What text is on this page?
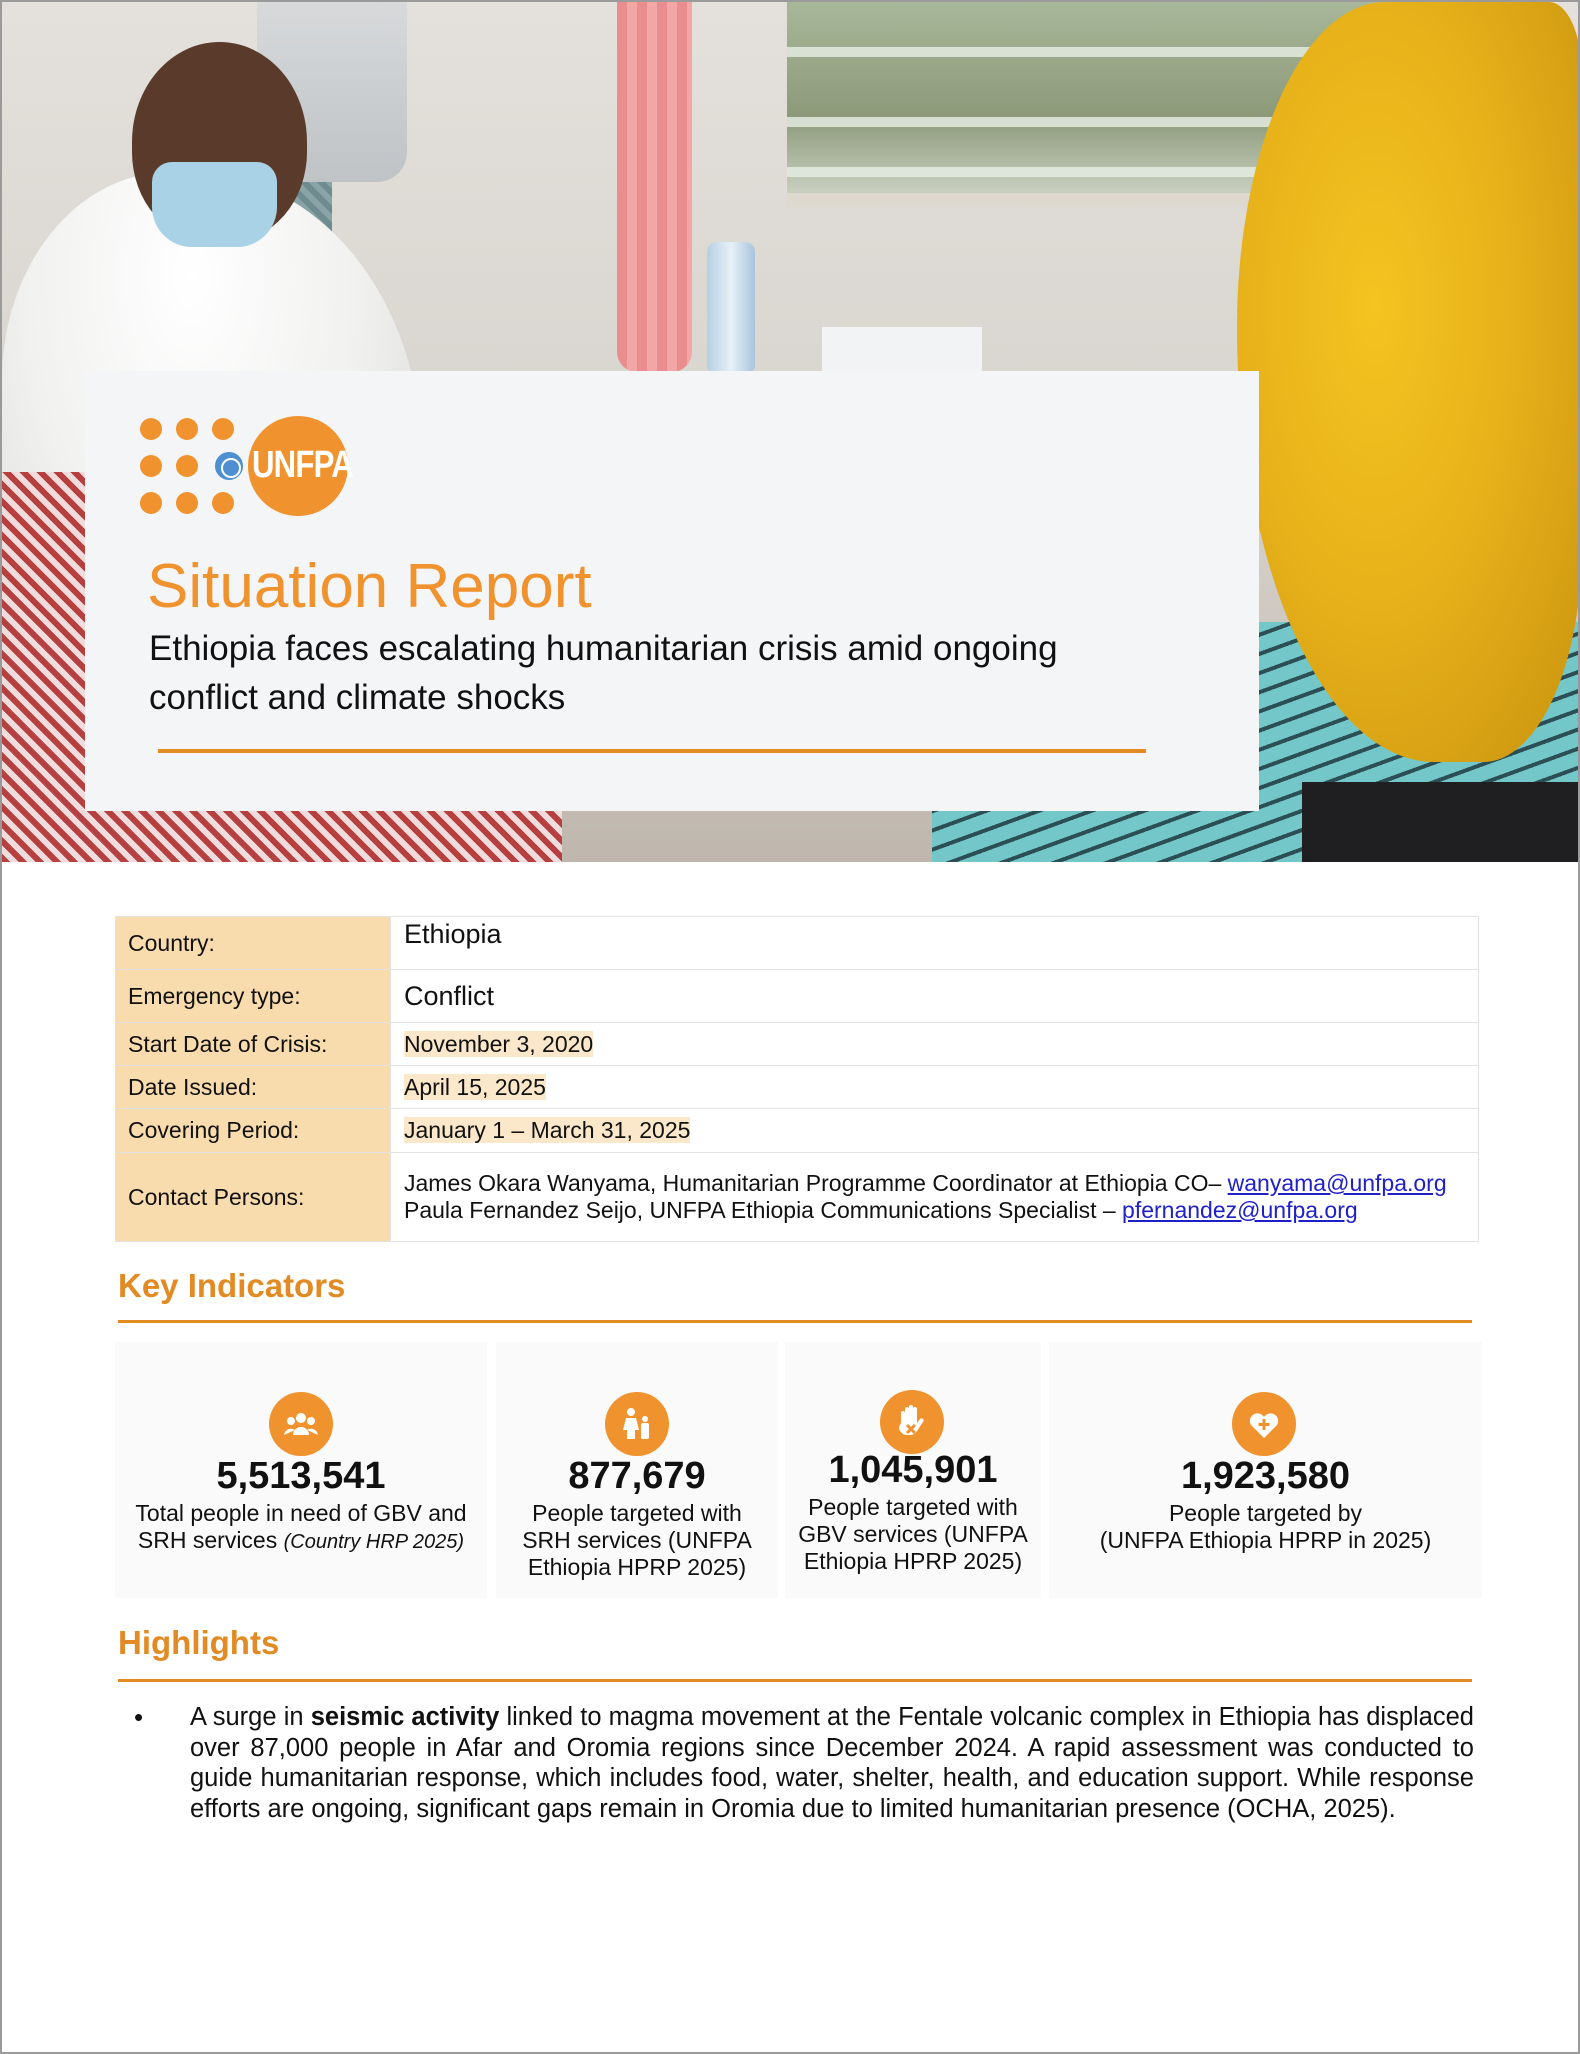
UNFPA
Situation Report

Ethiopia faces escalating humanitarian crisis amid ongoing conflict and climate shocks

Country:	Ethiopia
Emergency type:	Conflict
Start Date of Crisis:	November 3, 2020
Date Issued:	April 15, 2025
Covering Period:	January 1 – March 31, 2025
Contact Persons:	James Okara Wanyama, Humanitarian Programme Coordinator at Ethiopia CO– wanyama@unfpa.org
Paula Fernandez Seijo, UNFPA Ethiopia Communications Specialist – pfernandez@unfpa.org
Key Indicators
5,513,541
Total people in need of GBV and
SRH services (Country HRP 2025)
877,679
People targeted with
SRH services (UNFPA
Ethiopia HPRP 2025)
1,045,901
People targeted with
GBV services (UNFPA
Ethiopia HPRP 2025)
1,923,580
People targeted by
(UNFPA Ethiopia HPRP in 2025)
Highlights
• A surge in seismic activity linked to magma movement at the Fentale volcanic complex in Ethiopia has displaced over 87,000 people in Afar and Oromia regions since December 2024. A rapid assessment was conducted to guide humanitarian response, which includes food, water, shelter, health, and education support. While response efforts are ongoing, significant gaps remain in Oromia due to limited humanitarian presence (OCHA, 2025).
